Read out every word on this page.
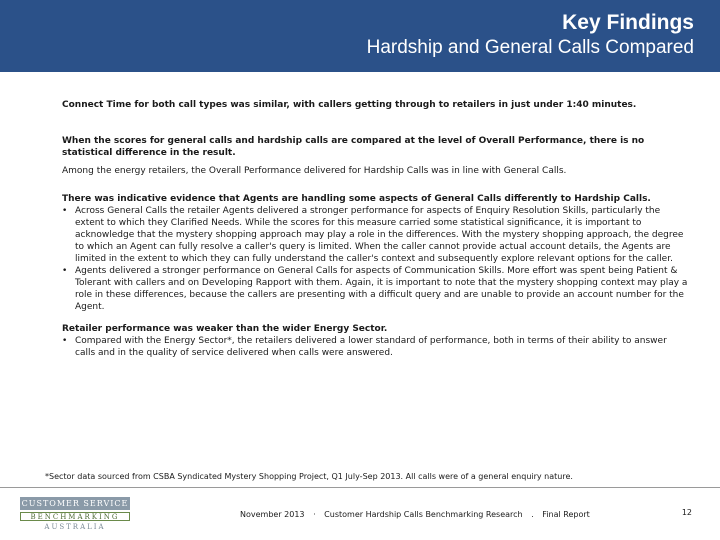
Key Findings
Hardship and General Calls Compared

Connect Time for both call types was similar, with callers getting through to retailers in just under 1:40 minutes.

When the scores for general calls and hardship calls are compared at the level of Overall Performance, there is no statistical difference in the result.

Among the energy retailers, the Overall Performance delivered for Hardship Calls was in line with General Calls.

There was indicative evidence that Agents are handling some aspects of General Calls differently to Hardship Calls.

• Across General Calls the retailer Agents delivered a stronger performance for aspects of Enquiry Resolution Skills, particularly the extent to which they Clarified Needs. While the scores for this measure carried some statistical significance, it is important to acknowledge that the mystery shopping approach may play a role in the differences. With the mystery shopping approach, the degree to which an Agent can fully resolve a caller's query is limited. When the caller cannot provide actual account details, the Agents are limited in the extent to which they can fully understand the caller's context and subsequently explore relevant options for the caller.

• Agents delivered a stronger performance on General Calls for aspects of Communication Skills. More effort was spent being Patient & Tolerant with callers and on Developing Rapport with them. Again, it is important to note that the mystery shopping context may play a role in these differences, because the callers are presenting with a difficult query and are unable to provide an account number for the Agent.

Retailer performance was weaker than the wider Energy Sector.

• Compared with the Energy Sector*, the retailers delivered a lower standard of performance, both in terms of their ability to answer calls and in the quality of service delivered when calls were answered.

*Sector data sourced from CSBA Syndicated Mystery Shopping Project, Q1 July-Sep 2013. All calls were of a general enquiry nature.
CUSTOMER SERVICE
BENCHMARKING
AUSTRALIA
November 2013 · Customer Hardship Calls Benchmarking Research . Final Report	12
